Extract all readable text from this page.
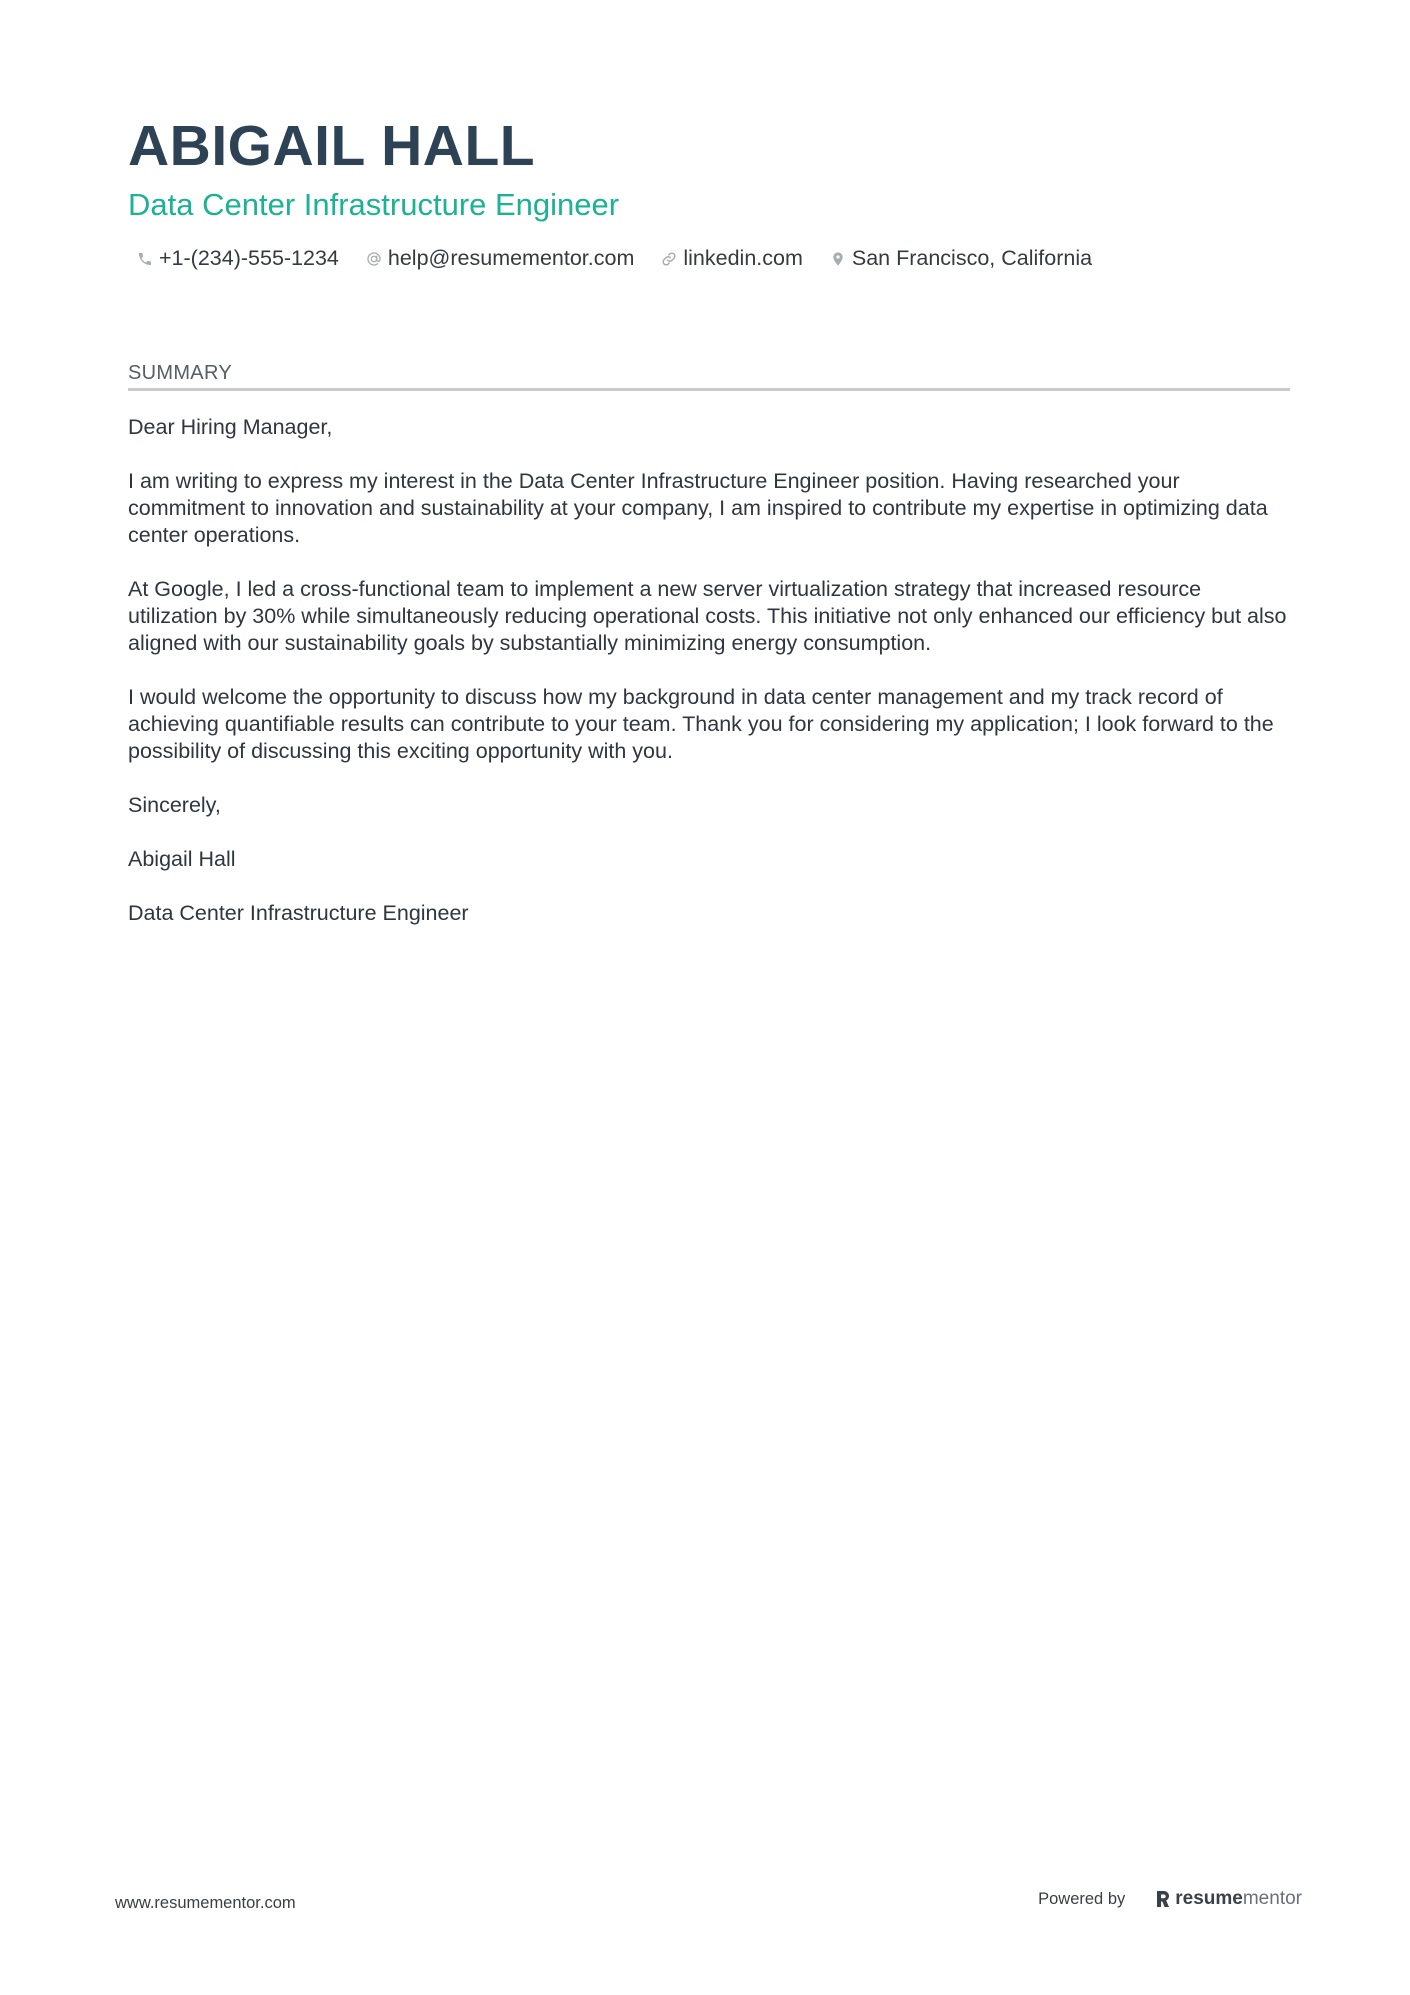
ABIGAIL HALL
Data Center Infrastructure Engineer
+1-(234)-555-1234 help@resumementor.com linkedin.com San Francisco, California
SUMMARY

Dear Hiring Manager,

I am writing to express my interest in the Data Center Infrastructure Engineer position. Having researched your commitment to innovation and sustainability at your company, I am inspired to contribute my expertise in optimizing data center operations.

At Google, I led a cross-functional team to implement a new server virtualization strategy that increased resource utilization by 30% while simultaneously reducing operational costs. This initiative not only enhanced our efficiency but also aligned with our sustainability goals by substantially minimizing energy consumption.

I would welcome the opportunity to discuss how my background in data center management and my track record of achieving quantifiable results can contribute to your team. Thank you for considering my application; I look forward to the possibility of discussing this exciting opportunity with you.

Sincerely,

Abigail Hall

Data Center Infrastructure Engineer

www.resumementor.com	Powered by	resume mentor
